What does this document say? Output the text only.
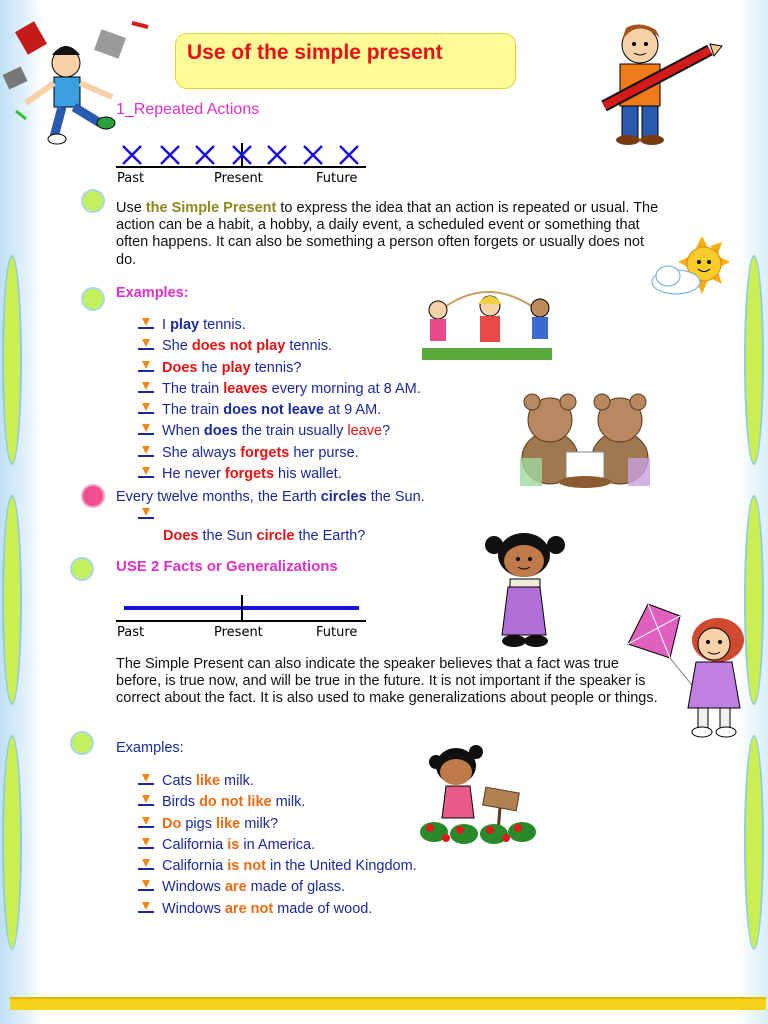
Use of the simple present
1_Repeated Actions
Past	Present	Future
Use the Simple Present to express the idea that an action is repeated or usual. The action can be a habit, a hobby, a daily event, a scheduled event or something that often happens. It can also be something a person often forgets or usually does not do.
Examples:
I play tennis.
She does not play tennis.
Does he play tennis?
The train leaves every morning at 8 AM.
The train does not leave at 9 AM.
When does the train usually leave?
She always forgets her purse.
He never forgets his wallet.
Every twelve months, the Earth circles the Sun.
Does the Sun circle the Earth?
USE 2 Facts or Generalizations
Past	Present	Future
The Simple Present can also indicate the speaker believes that a fact was true before, is true now, and will be true in the future. It is not important if the speaker is correct about the fact. It is also used to make generalizations about people or things.
Examples:
Cats like milk.
Birds do not like milk.
Do pigs like milk?
California is in America.
California is not in the United Kingdom.
Windows are made of glass.
Windows are not made of wood.
